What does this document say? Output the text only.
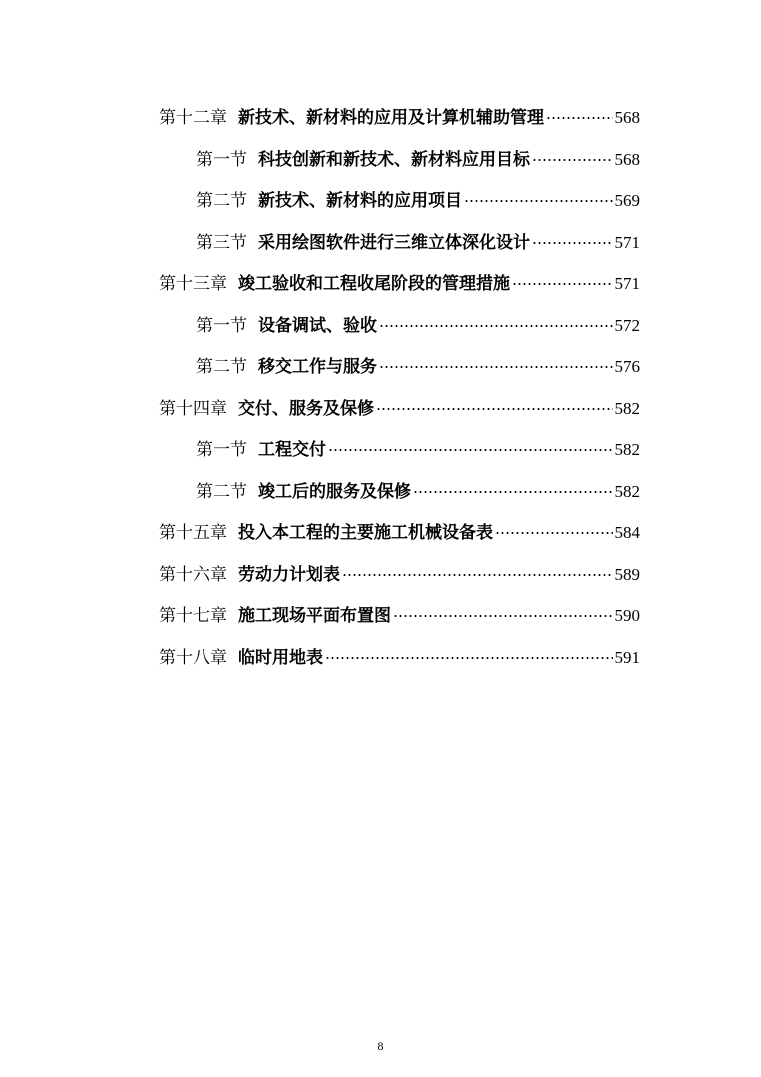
第十二章 新技术、新材料的应用及计算机辅助管理	568
第一节 科技创新和新技术、新材料应用目标	568
第二节 新技术、新材料的应用项目	569
第三节 采用绘图软件进行三维立体深化设计	571
第十三章 竣工验收和工程收尾阶段的管理措施	571
第一节 设备调试、验收	572
第二节 移交工作与服务	576
第十四章 交付、服务及保修	582
第一节 工程交付	582
第二节 竣工后的服务及保修	582
第十五章 投入本工程的主要施工机械设备表	584
第十六章 劳动力计划表	589
第十七章 施工现场平面布置图	590
第十八章 临时用地表	591
8
